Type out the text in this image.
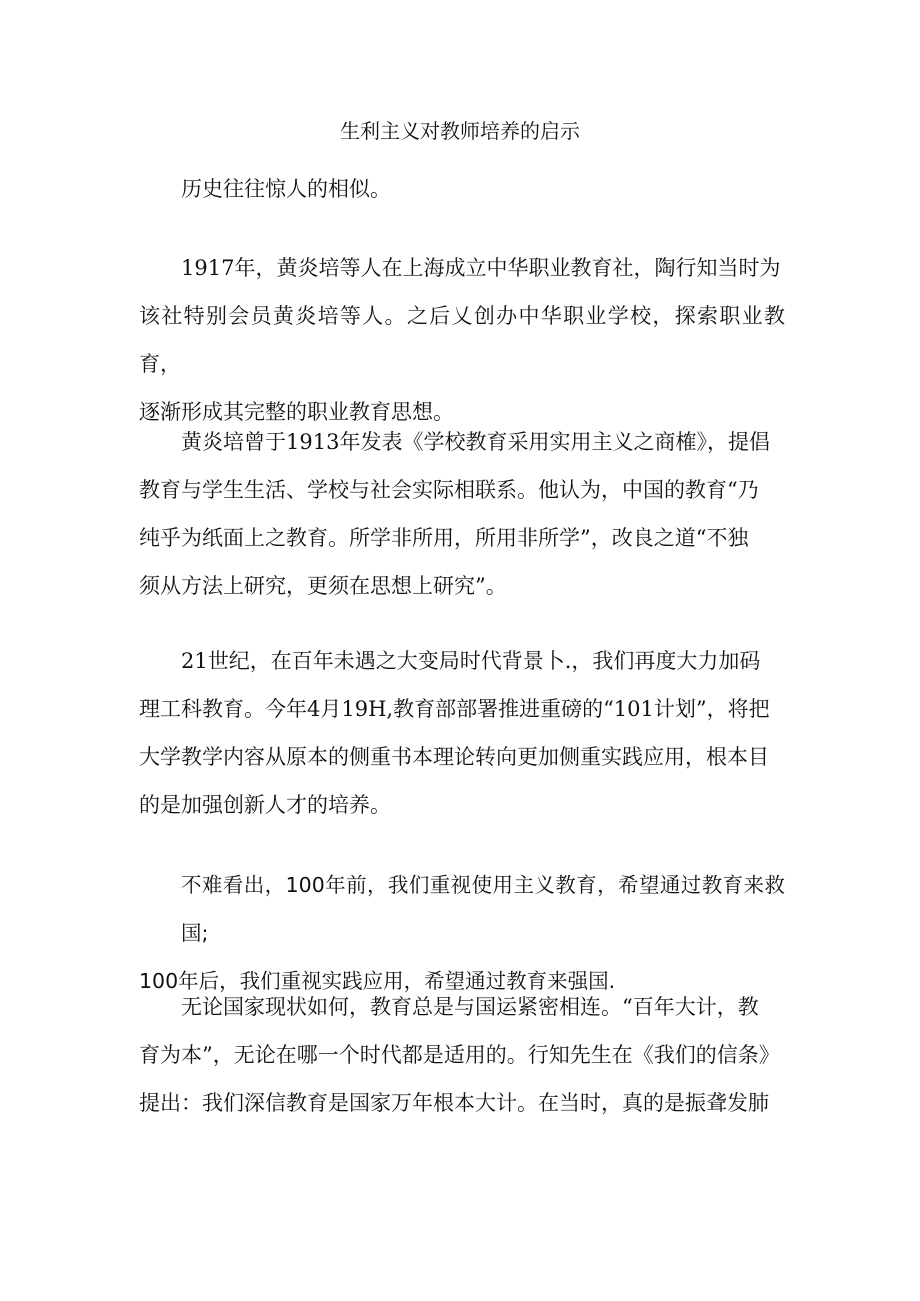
生利主义对教师培养的启示

历史往往惊人的相似。

1917年，黄炎培等人在上海成立中华职业教育社，陶行知当时为
该社特别会员黄炎培等人。之后乂创办中华职业学校，探索职业教育，
逐渐形成其完整的职业教育思想。

黄炎培曾于1913年发表《学校教育采用实用主义之商榷》，提倡
教育与学生生活、学校与社会实际相联系。他认为，中国的教育“乃
纯乎为纸面上之教育。所学非所用，所用非所学”，改良之道“不独
须从方法上研究，更须在思想上研究”。

21世纪，在百年未遇之大变局时代背景卜.，我们再度大力加码
理工科教育。今年4月19H,教育部部署推进重磅的“101计划”，将把
大学教学内容从原本的侧重书本理论转向更加侧重实践应用，根本目
的是加强创新人才的培养。

不难看出，100年前，我们重视使用主义教育，希望通过教育来救国;
100年后，我们重视实践应用，希望通过教育来强国.

无论国家现状如何，教育总是与国运紧密相连。“百年大计，教
育为本”，无论在哪一个时代都是适用的。行知先生在《我们的信条》
提出：我们深信教育是国家万年根本大计。在当时，真的是振聋发肺
